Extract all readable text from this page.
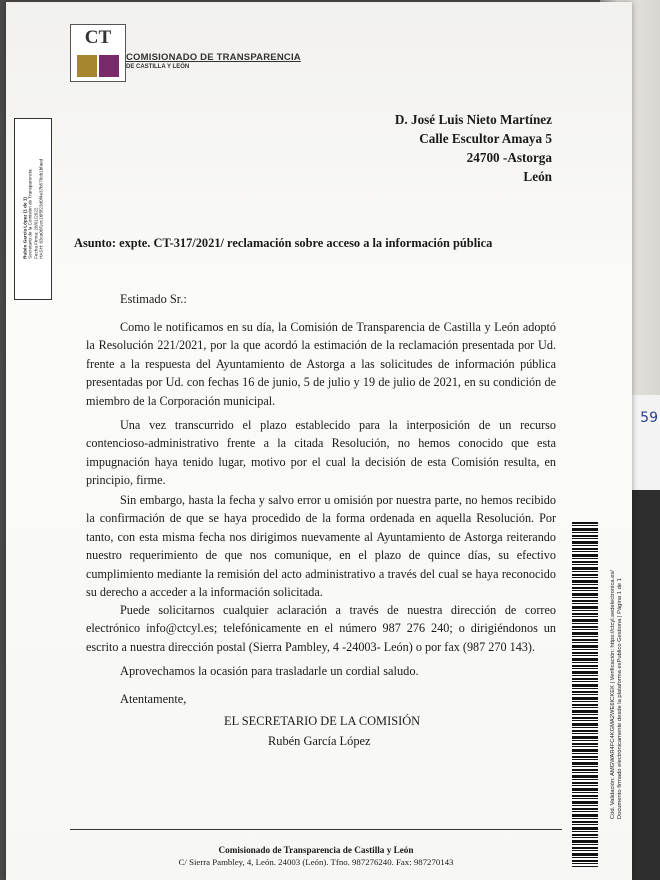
59
CT
COMISIONADO DE TRANSPARENCIA
DE CASTILLA Y LEÓN
Rubén García López (1 de 1)
Secretario de la Comisión de Transparencia
Fecha Firma: 28/01/2022
HASH: 63ca06f1ec16f5f23d0f4e37b578cb1bfaed
D. José Luis Nieto Martínez
Calle Escultor Amaya 5
24700 -Astorga
León
Asunto: expte. CT-317/2021/ reclamación sobre acceso a la información pública
Estimado Sr.:
Como le notificamos en su día, la Comisión de Transparencia de Castilla y León adoptó la Resolución 221/2021, por la que acordó la estimación de la reclamación presentada por Ud. frente a la respuesta del Ayuntamiento de Astorga a las solicitudes de información pública presentadas por Ud. con fechas 16 de junio, 5 de julio y 19 de julio de 2021, en su condición de miembro de la Corporación municipal.
Una vez transcurrido el plazo establecido para la interposición de un recurso contencioso-administrativo frente a la citada Resolución, no hemos conocido que esta impugnación haya tenido lugar, motivo por el cual la decisión de esta Comisión resulta, en principio, firme.
Sin embargo, hasta la fecha y salvo error u omisión por nuestra parte, no hemos recibido la confirmación de que se haya procedido de la forma ordenada en aquella Resolución. Por tanto, con esta misma fecha nos dirigimos nuevamente al Ayuntamiento de Astorga reiterando nuestro requerimiento de que nos comunique, en el plazo de quince días, su efectivo cumplimiento mediante la remisión del acto administrativo a través del cual se haya reconocido su derecho a acceder a la información solicitada.
Puede solicitarnos cualquier aclaración a través de nuestra dirección de correo electrónico info@ctcyl.es; telefónicamente en el número 987 276 240; o dirigiéndonos un escrito a nuestra dirección postal (Sierra Pambley, 4 -24003- León) o por fax (987 270 143).
Aprovechamos la ocasión para trasladarle un cordial saludo.
Atentamente,
EL SECRETARIO DE LA COMISIÓN
Rubén García López
Comisionado de Transparencia de Castilla y León
C/ Sierra Pambley, 4, León. 24003 (León). Tfno. 987276240. Fax: 987270143
Cód. Validación: AMGWAR4FC4KGMA2WE6ICKEK | Verificación: https://ctcyl.sedelectronica.es/
Documento firmado electrónicamente desde la plataforma esPublico Gestiona | Página 1 de 1
